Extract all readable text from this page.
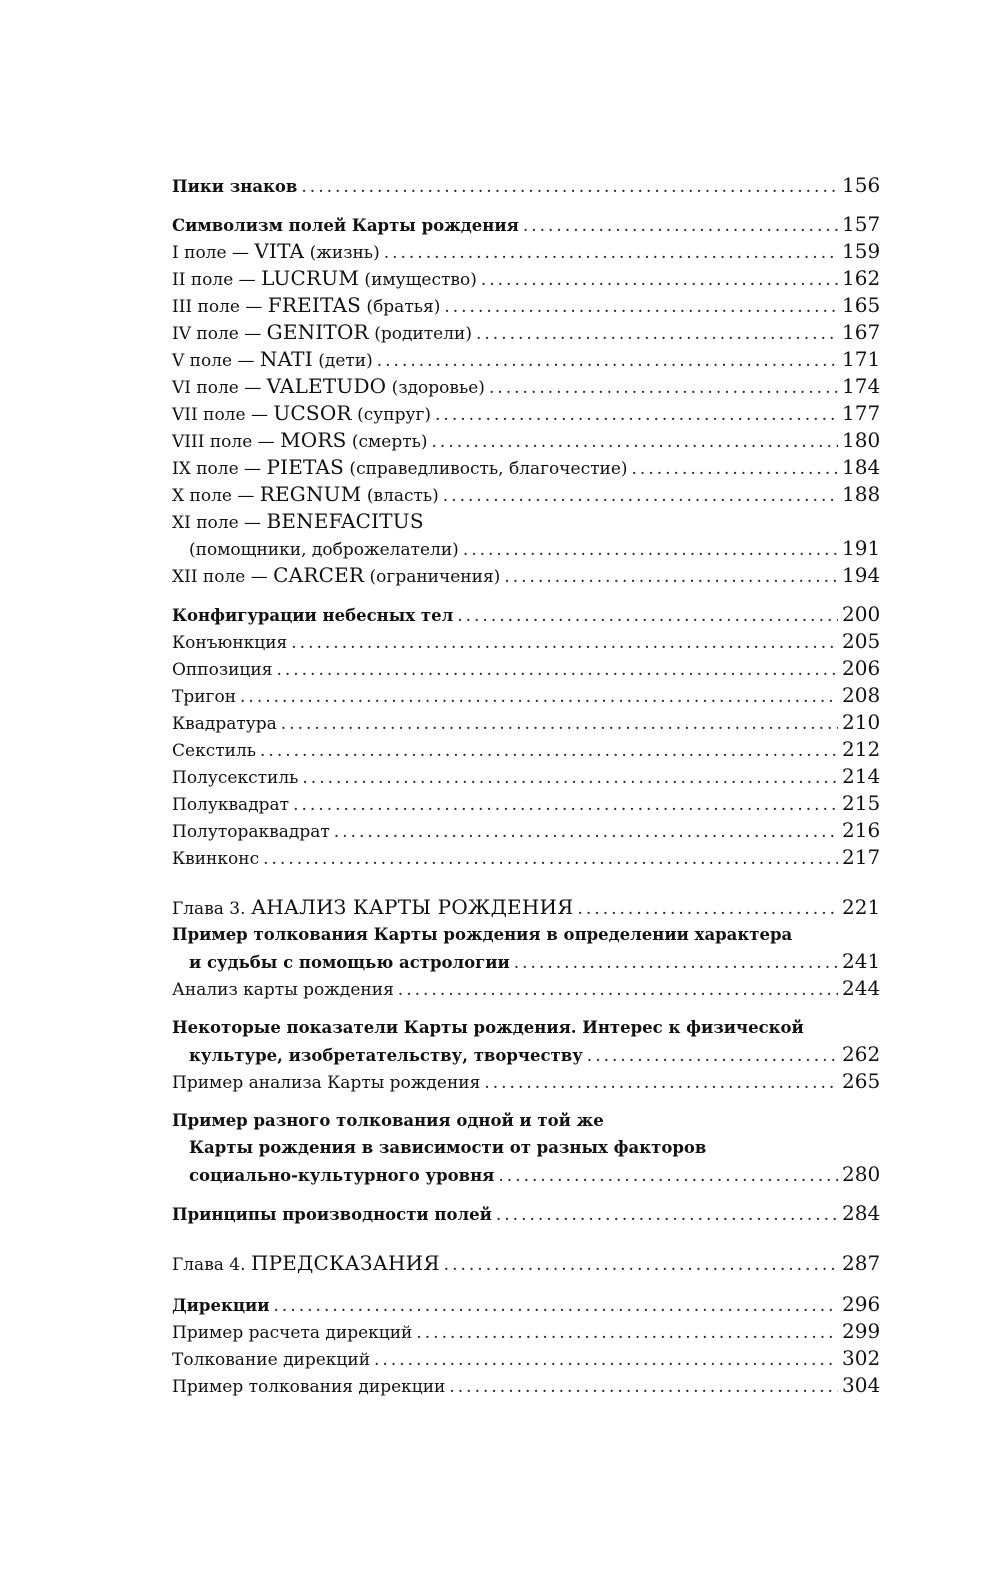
Пики знаков .....	156
Символизм полей Карты рождения .....	157
I поле — VITA (жизнь) .....	159
II поле — LUCRUM (имущество) .....	162
III поле — FREITAS (братья) .....	165
IV поле — GENITOR (родители) .....	167
V поле — NATI (дети) .....	171
VI поле — VALETUDO (здоровье) .....	174
VII поле — UCSOR (супруг) .....	177
VIII поле — MORS (смерть) .....	180
IX поле — PIETAS (справедливость, благочестие) .....	184
X поле — REGNUM (власть) .....	188
XI поле — BENEFACITUS
(помощники, доброжелатели) .....	191
XII поле — CARCER (ограничения) .....	194
Конфигурации небесных тел .....	200
Конъюнкция .....	205
Оппозиция .....	206
Тригон .....	208
Квадратура .....	210
Секстиль .....	212
Полусекстиль .....	214
Полуквадрат .....	215
Полутораквадрат .....	216
Квинконс .....	217
Глава 3. АНАЛИЗ КАРТЫ РОЖДЕНИЯ .....	221
Пример толкования Карты рождения в определении характера
и судьбы с помощью астрологии .....	241
Анализ карты рождения .....	244
Некоторые показатели Карты рождения. Интерес к физической
культуре, изобретательству, творчеству .....	262
Пример анализа Карты рождения .....	265
Пример разного толкования одной и той же
Карты рождения в зависимости от разных факторов
социально-культурного уровня .....	280
Принципы производности полей .....	284
Глава 4. ПРЕДСКАЗАНИЯ .....	287
Дирекции .....	296
Пример расчета дирекций .....	299
Толкование дирекций .....	302
Пример толкования дирекции .....	304
